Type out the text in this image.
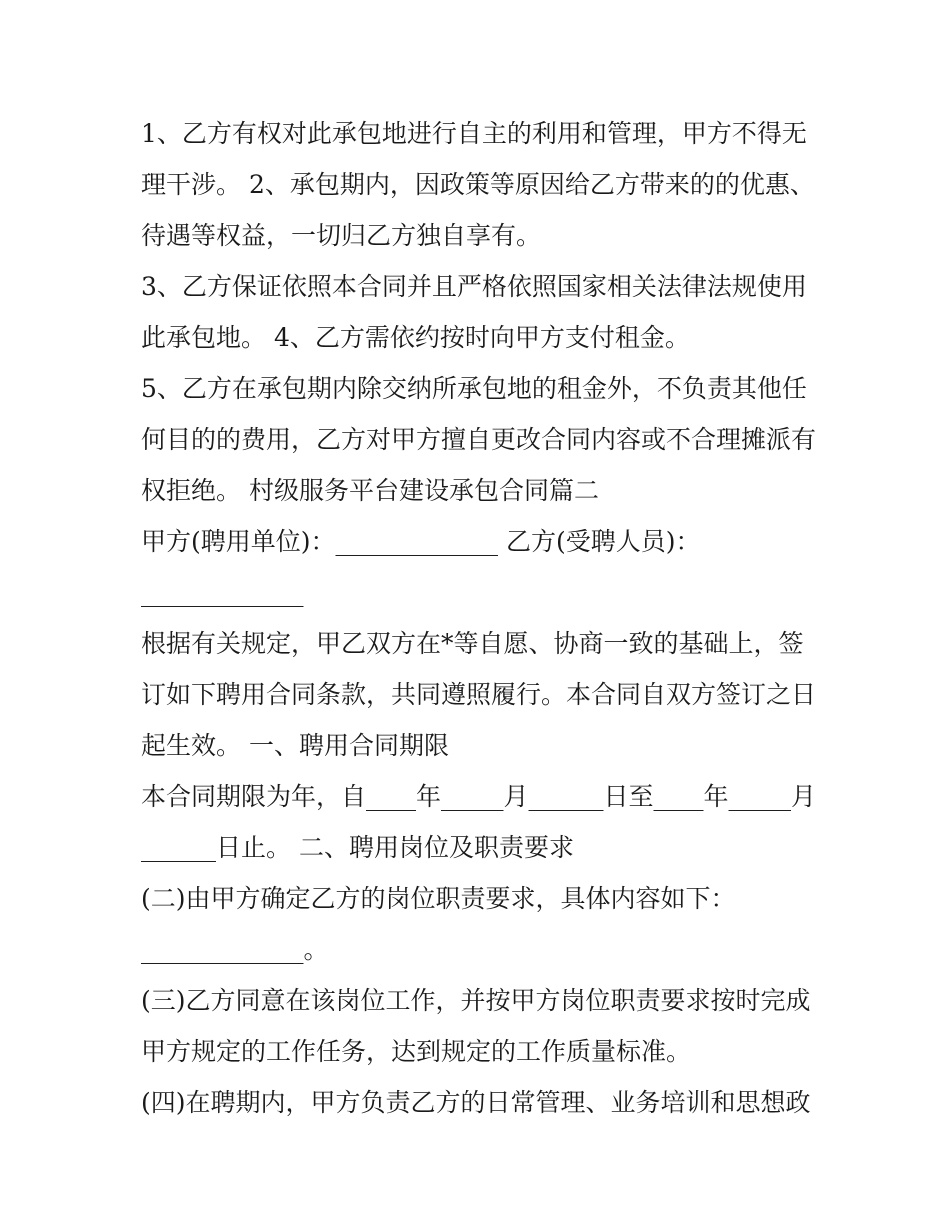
1、乙方有权对此承包地进行自主的利用和管理，甲方不得无
理干涉。 2、承包期内，因政策等原因给乙方带来的的优惠、
待遇等权益，一切归乙方独自享有。
3、乙方保证依照本合同并且严格依照国家相关法律法规使用
此承包地。 4、乙方需依约按时向甲方支付租金。
5、乙方在承包期内除交纳所承包地的租金外，不负责其他任
何目的的费用，乙方对甲方擅自更改合同内容或不合理摊派有
权拒绝。 村级服务平台建设承包合同篇二
甲方(聘用单位)：_____________ 乙方(受聘人员)：
_____________
根据有关规定，甲乙双方在*等自愿、协商一致的基础上，签
订如下聘用合同条款，共同遵照履行。本合同自双方签订之日
起生效。 一、聘用合同期限
本合同期限为年，自____年_____月______日至____年_____月
______日止。 二、聘用岗位及职责要求
(二)由甲方确定乙方的岗位职责要求，具体内容如下：
_____________。
(三)乙方同意在该岗位工作，并按甲方岗位职责要求按时完成
甲方规定的工作任务，达到规定的工作质量标准。
(四)在聘期内，甲方负责乙方的日常管理、业务培训和思想政
